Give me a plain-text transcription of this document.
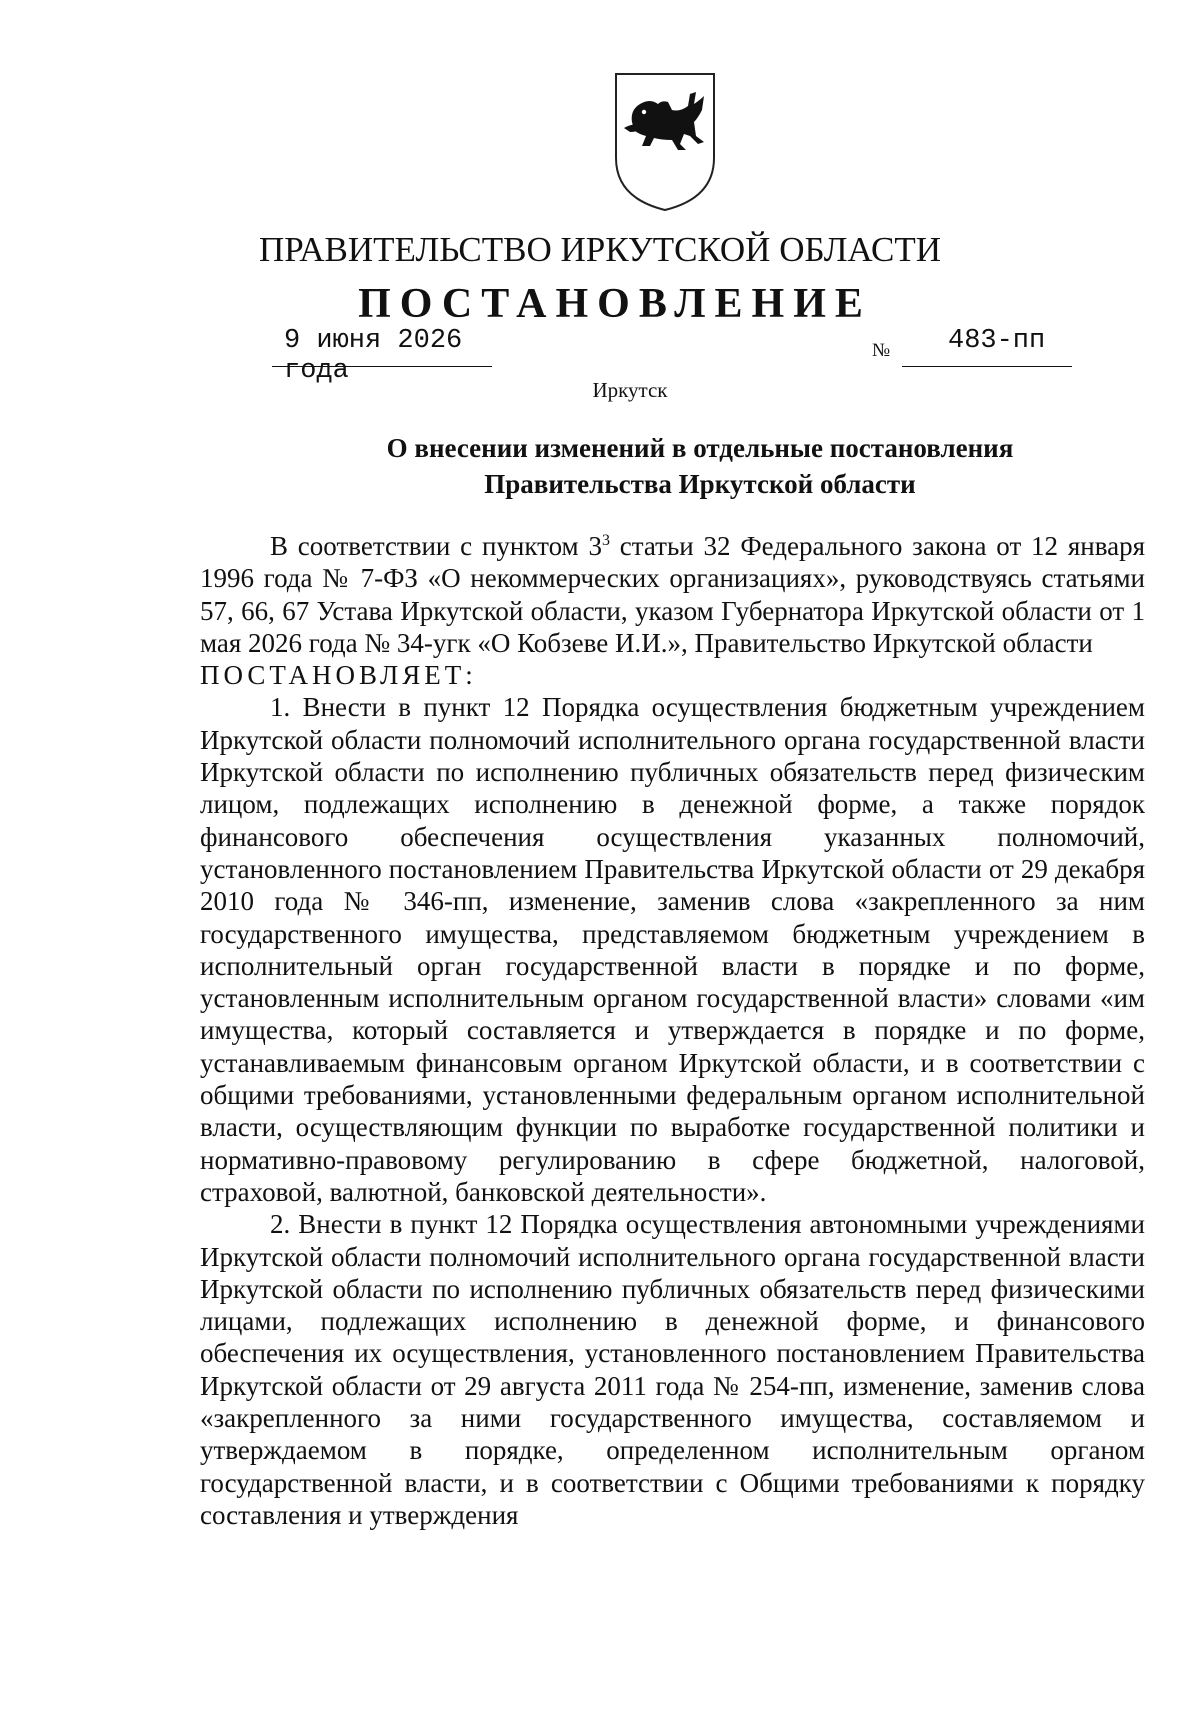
ПРАВИТЕЛЬСТВО ИРКУТСКОЙ ОБЛАСТИ
ПОСТАНОВЛЕНИЕ
9 июня 2026 года
№ 483-пп
Иркутск
О внесении изменений в отдельные постановления
Правительства Иркутской области

В соответствии с пунктом $3^3$ статьи 32 Федерального закона от 12 января 1996 года № 7-ФЗ «О некоммерческих организациях», руководствуясь статьями 57, 66, 67 Устава Иркутской области, указом Губернатора Иркутской области от 1 мая 2026 года № 34-угк «О Кобзеве И.И.», Правительство Иркутской области

ПОСТАНОВЛЯЕТ:

1. Внести в пункт 12 Порядка осуществления бюджетным учреждением Иркутской области полномочий исполнительного органа государственной власти Иркутской области по исполнению публичных обязательств перед физическим лицом, подлежащих исполнению в денежной форме, а также порядок финансового обеспечения осуществления указанных полномочий, установленного постановлением Правительства Иркутской области от 29 декабря 2010 года № 346-пп, изменение, заменив слова «закрепленного за ним государственного имущества, представляемом бюджетным учреждением в исполнительный орган государственной власти в порядке и по форме, установленным исполнительным органом государственной власти» словами «им имущества, который составляется и утверждается в порядке и по форме, устанавливаемым финансовым органом Иркутской области, и в соответствии с общими требованиями, установленными федеральным органом исполнительной власти, осуществляющим функции по выработке государственной политики и нормативно-правовому регулированию в сфере бюджетной, налоговой, страховой, валютной, банковской деятельности».

2. Внести в пункт 12 Порядка осуществления автономными учреждениями Иркутской области полномочий исполнительного органа государственной власти Иркутской области по исполнению публичных обязательств перед физическими лицами, подлежащих исполнению в денежной форме, и финансового обеспечения их осуществления, установленного постановлением Правительства Иркутской области от 29 августа 2011 года № 254-пп, изменение, заменив слова «закрепленного за ними государственного имущества, составляемом и утверждаемом в порядке, определенном исполнительным органом государственной власти, и в соответствии с Общими требованиями к порядку составления и утверждения
